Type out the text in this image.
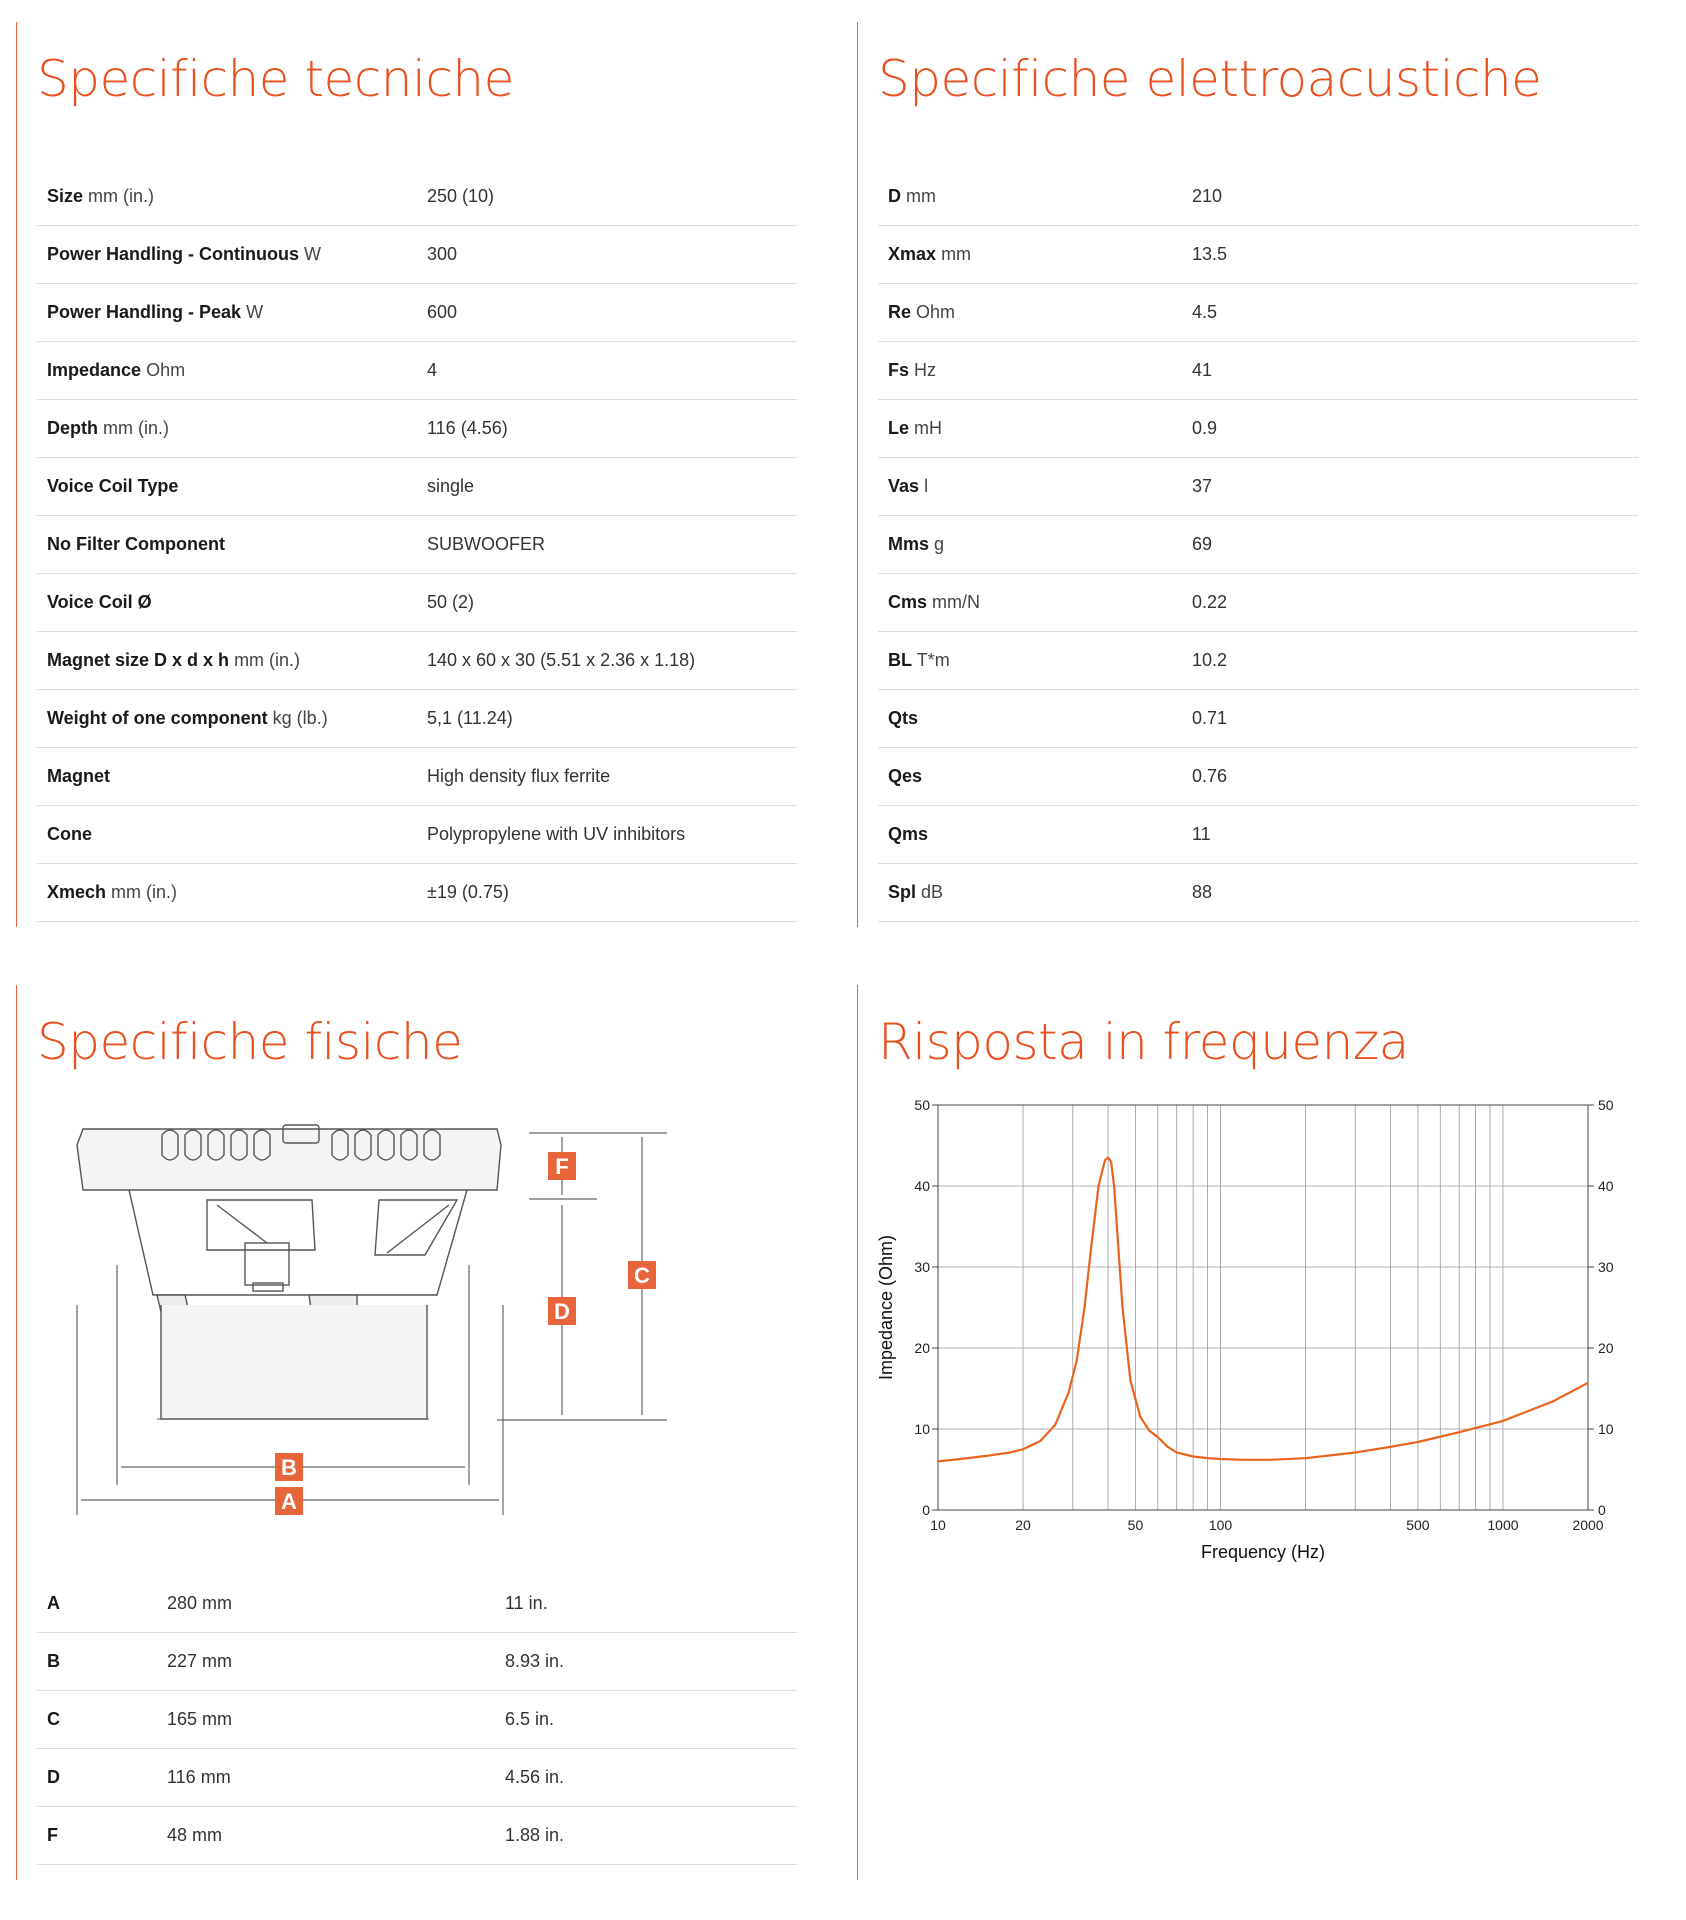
Specifiche tecniche
Size mm (in.)	250 (10)
Power Handling - Continuous W	300
Power Handling - Peak W	600
Impedance Ohm	4
Depth mm (in.)	116 (4.56)
Voice Coil Type	single
No Filter Component	SUBWOOFER
Voice Coil Ø	50 (2)
Magnet size D x d x h mm (in.)	140 x 60 x 30 (5.51 x 2.36 x 1.18)
Weight of one component kg (lb.)	5,1 (11.24)
Magnet	High density flux ferrite
Cone	Polypropylene with UV inhibitors
Xmech mm (in.)	±19 (0.75)
Specifiche elettroacustiche
D mm	210
Xmax mm	13.5
Re Ohm	4.5
Fs Hz	41
Le mH	0.9
Vas l	37
Mms g	69
Cms mm/N	0.22
BL T*m	10.2
Qts	0.71
Qes	0.76
Qms	11
Spl dB	88
Specifiche fisiche
A
B
C
D
F
A	280 mm	11 in.
B	227 mm	8.93 in.
C	165 mm	6.5 in.
D	116 mm	4.56 in.
F	48 mm	1.88 in.
Risposta in frequenza
0	0
10	10
20	20
30	30
40	40
50	50
10	20	50	100	500	1000	2000
Frequency (Hz)
Impedance (Ohm)
